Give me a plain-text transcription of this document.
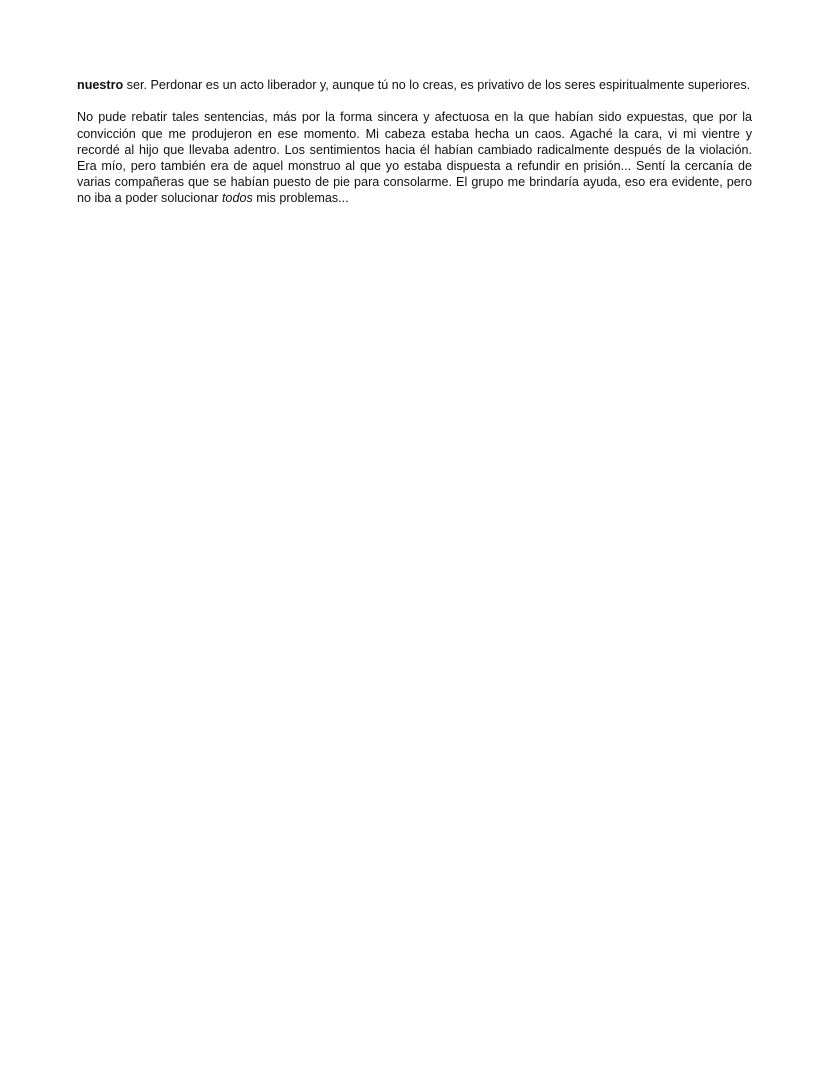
nuestro ser. Perdonar es un acto liberador y, aunque tú no lo creas, es privativo de los seres espiritualmente superiores.

No pude rebatir tales sentencias, más por la forma sincera y afectuosa en la que habían sido expuestas, que por la convicción que me produjeron en ese momento. Mi cabeza estaba hecha un caos. Agaché la cara, vi mi vientre y recordé al hijo que llevaba adentro. Los sentimientos hacia él habían cambiado radicalmente después de la violación. Era mío, pero también era de aquel monstruo al que yo estaba dispuesta a refundir en prisión... Sentí la cercanía de varias compañeras que se habían puesto de pie para consolarme. El grupo me brindaría ayuda, eso era evidente, pero no iba a poder solucionar todos mis problemas...
